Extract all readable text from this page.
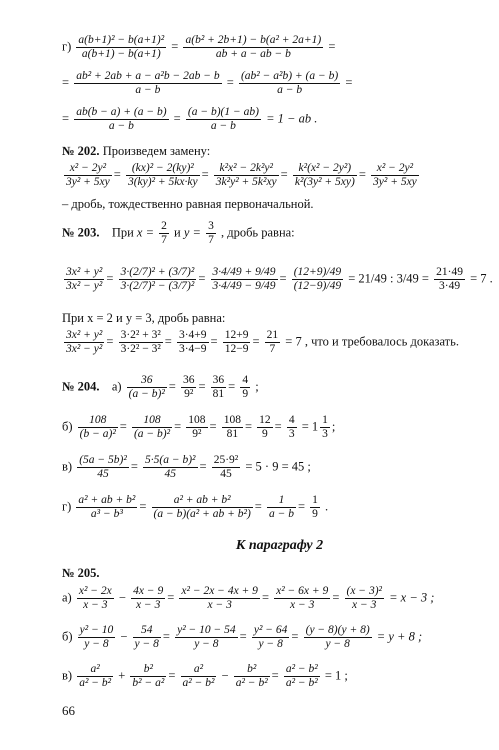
$г) \frac{\text{a(b+1)² − b(a+1)²}}{a(b+1) - b(a+1)} = \frac{\text{a(b² + 2b+1) − b(a² + 2a+1)}}{ab + a - ab - b}$ =
= $\frac{\text{ab² + 2ab + a − a²b − 2ab − b}}{a - b} = \frac{\text{(ab² − a²b) + (a − b)}}{a - b}$ =
= $\frac{ab(b - a) + (a - b)}{a - b} = \frac{(a - b)(1 - ab)}{a - b} = 1$ − ab .
№ 202. Произведем замену:
$\frac{\text{x² − 2y²}}{\text{3y² + 5xy}} = \frac{\text{(kx)² − 2(ky)²}}{\text{3(ky)² + 5kx·ky}} = \frac{\text{k²x² − 2k²y²}}{\text{3k²y² + 5k²xy}} = \frac{\text{k²(x² − 2y²)}}{\text{k²(3y² + 5xy)}} = \frac{\text{x² − 2y²}}{\text{3y² + 5xy}}$
– дробь, тождественно равная первоначальной.
№ 203. При $x = \frac{2}{7}$ и $y = \frac{3}{7}$ , дробь равна:
$\frac{\text{3x² + y²}}{\text{3x² − y²}} = \frac{\text{3·(2/7)² + (3/7)²}}{\text{3·(2/7)² − (3/7)²}} = \frac{3\cdot 4/49 + 9/49}{3\cdot 4/49 - 9/49} = \frac{(12+9)/49}{(12-9)/49} = 21/49$ : $3/49 = \frac{21\cdot 49}{3\cdot 49} = 7$ .
При x = 2 и y = 3, дробь равна:
$\frac{\text{3x² + y²}}{\text{3x² − y²}} = \frac{\text{3·2² + 3²}}{\text{3·2² − 3²}} = \frac{3\cdot 4+9}{3\cdot 4-9} = \frac{12+9}{12-9} = \frac{21}{7} = 7$ , что и требовалось доказать.
№ 204. $а) \frac{36}{\text{(a − b)²}} = \frac{36}{\text{9²}} = \frac{36}{81} = \frac{4}{9}$ ;
$б) \frac{108}{\text{(b − a)²}} = \frac{108}{\text{(a − b)²}} = \frac{108}{\text{9²}} = \frac{108}{81} = \frac{12}{9} = \frac{4}{3} = 1 \frac{1}{3}$ ;
$в) \frac{\text{(5a − 5b)²}}{45} = \frac{\text{5·5(a − b)²}}{45} = \frac{\text{25·9²}}{45} = 5 \cdot 9 = 45$ ;
$г) \frac{\text{a² + ab + b²}}{\text{a³ − b³}} = \frac{\text{a² + ab + b²}}{\text{(a − b)(a² + ab + b²)}} = \frac{1}{a - b} = \frac{1}{9}$ .
К параграфу 2
№ 205.
$а) \frac{\text{x² − 2x}}{x - 3} - \frac{4x - 9}{x - 3} = \frac{\text{x² − 2x − 4x + 9}}{x - 3} = \frac{\text{x² − 6x + 9}}{x - 3} = \frac{\text{(x − 3)²}}{x - 3} = x - 3$ ;
$б) \frac{\text{y² − 10}}{y - 8} - \frac{54}{y - 8} = \frac{\text{y² − 10 − 54}}{y - 8} = \frac{\text{y² − 64}}{y - 8} = \frac{(y - 8)(y + 8)}{y - 8} = y + 8$ ;
$в) \frac{\text{a²}}{\text{a² − b²}} + \frac{\text{b²}}{\text{b² − a²}} = \frac{\text{a²}}{\text{a² − b²}} - \frac{\text{b²}}{\text{a² − b²}} = \frac{\text{a² − b²}}{\text{a² − b²}} = 1$ ;
66
